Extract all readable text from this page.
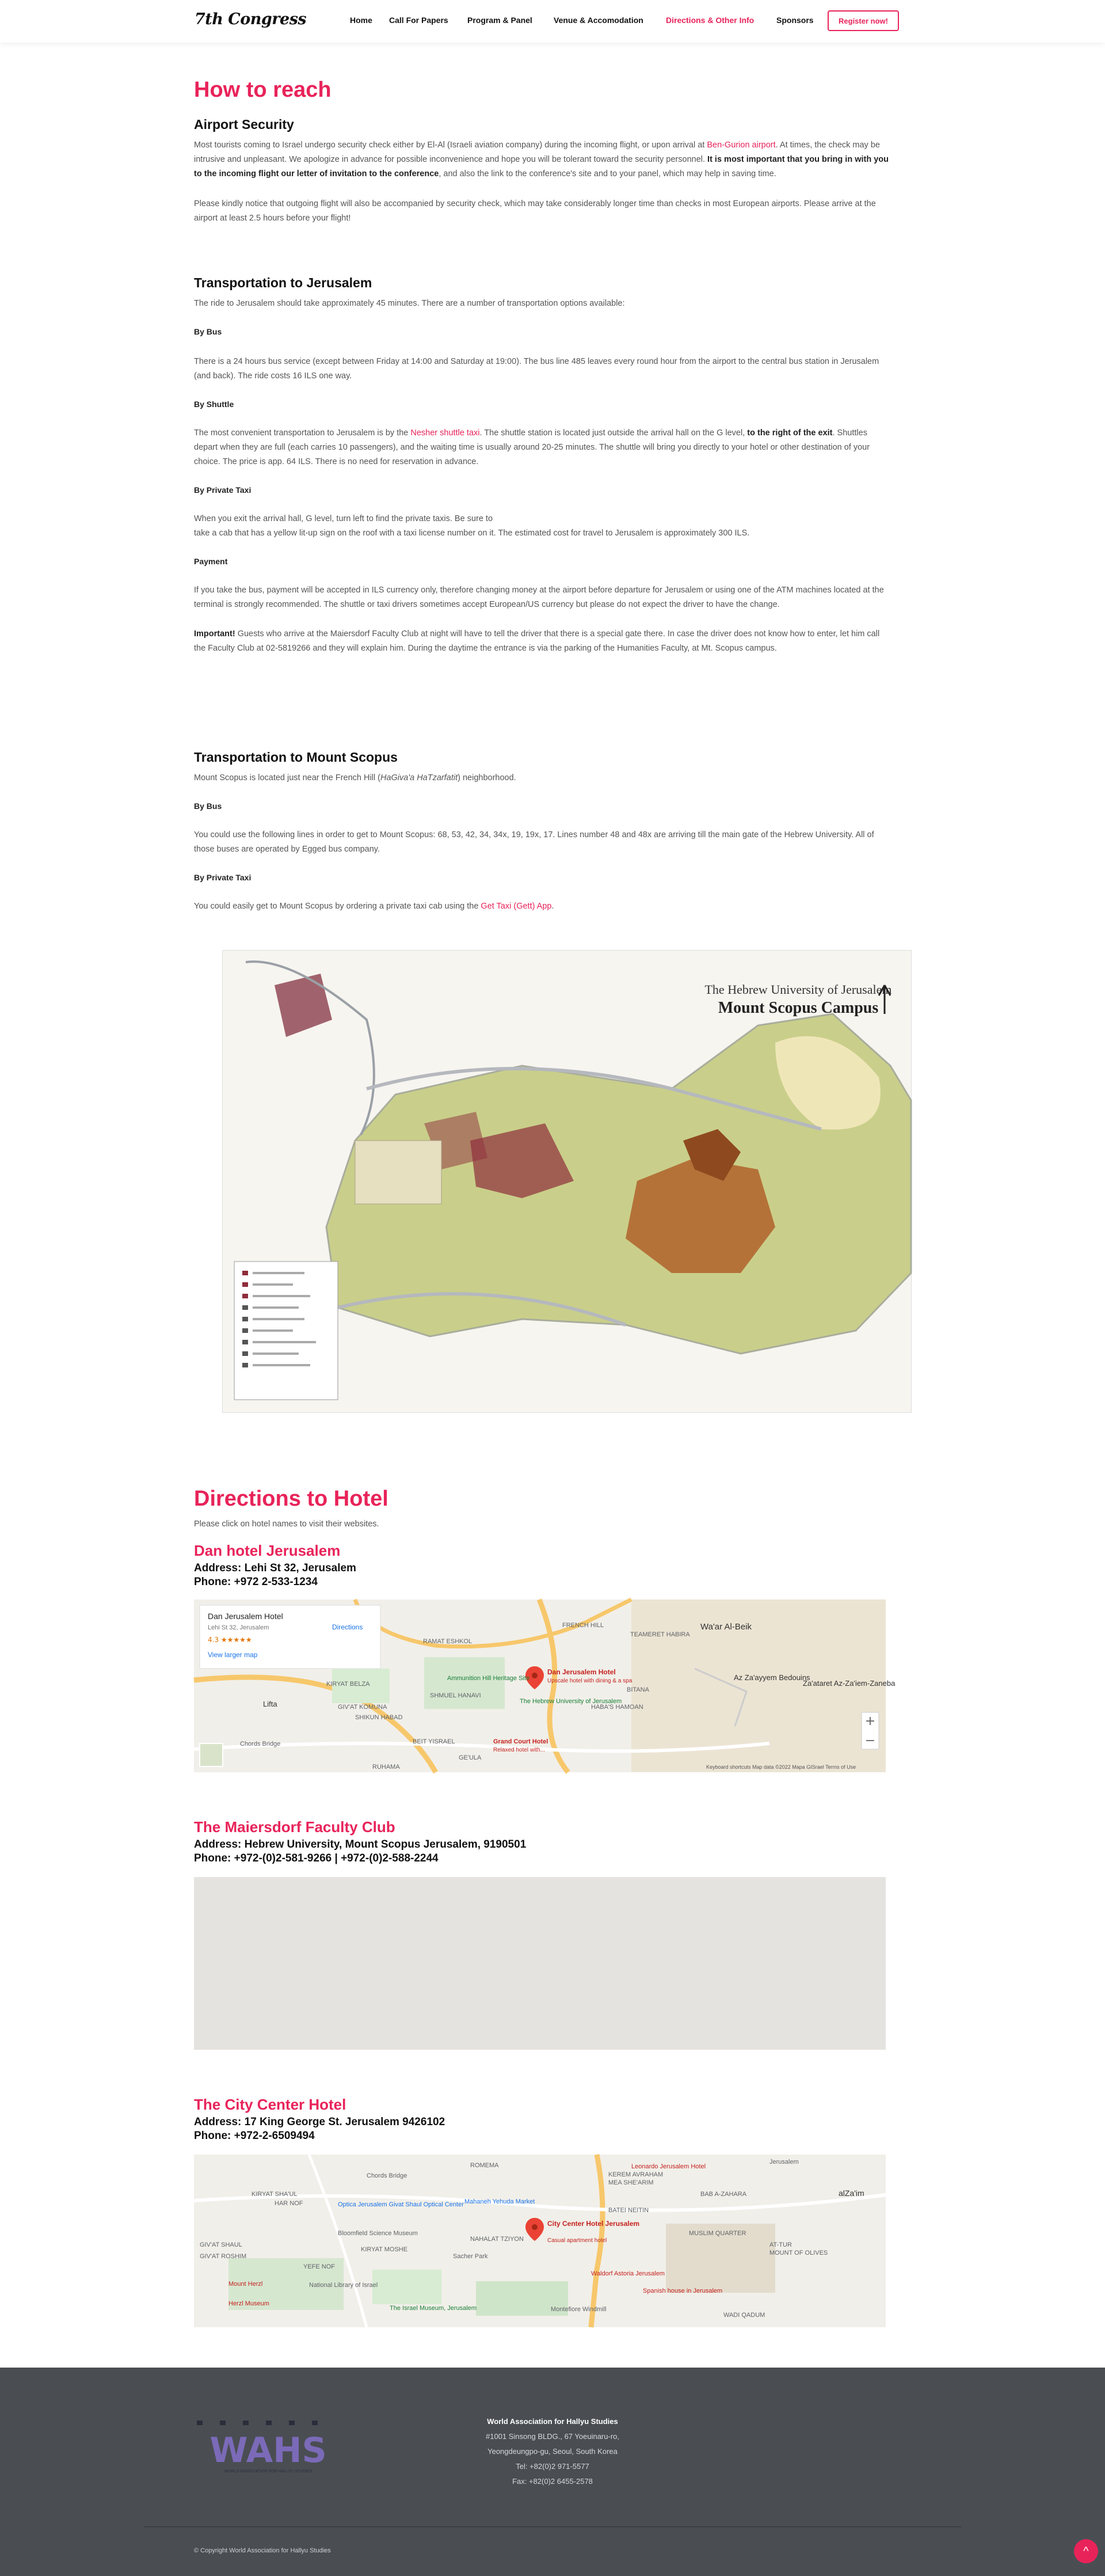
7th Congress	Home Call For Papers Program & Panel	Venue & Accomodation	Directions & Other Info	Sponsors	Register now!
How to reach
Airport Security

Most tourists coming to Israel undergo security check either by El-Al (Israeli aviation company) during the incoming flight, or upon arrival at Ben-Gurion airport. At times, the check may be intrusive and unpleasant. We apologize in advance for possible inconvenience and hope you will be tolerant toward the security personnel. It is most important that you bring in with you to the incoming flight our letter of invitation to the conference, and also the link to the conference's site and to your panel, which may help in saving time.

Please kindly notice that outgoing flight will also be accompanied by security check, which may take considerably longer time than checks in most European airports. Please arrive at the airport at least 2.5 hours before your flight!

Transportation to Jerusalem

The ride to Jerusalem should take approximately 45 minutes. There are a number of transportation options available:

By Bus

There is a 24 hours bus service (except between Friday at 14:00 and Saturday at 19:00). The bus line 485 leaves every round hour from the airport to the central bus station in Jerusalem (and back). The ride costs 16 ILS one way.

By Shuttle

The most convenient transportation to Jerusalem is by the Nesher shuttle taxi. The shuttle station is located just outside the arrival hall on the G level, to the right of the exit. Shuttles depart when they are full (each carries 10 passengers), and the waiting time is usually around 20-25 minutes. The shuttle will bring you directly to your hotel or other destination of your choice. The price is app. 64 ILS. There is no need for reservation in advance.

By Private Taxi

When you exit the arrival hall, G level, turn left to find the private taxis. Be sure to

take a cab that has a yellow lit-up sign on the roof with a taxi license number on it. The estimated cost for travel to Jerusalem is approximately 300 ILS.

Payment

If you take the bus, payment will be accepted in ILS currency only, therefore changing money at the airport before departure for Jerusalem or using one of the ATM machines located at the terminal is strongly recommended. The shuttle or taxi drivers sometimes accept European/US currency but please do not expect the driver to have the change.

Important! Guests who arrive at the Maiersdorf Faculty Club at night will have to tell the driver that there is a special gate there. In case the driver does not know how to enter, let him call the Faculty Club at 02-5819266 and they will explain him. During the daytime the entrance is via the parking of the Humanities Faculty, at Mt. Scopus campus.

Transportation to Mount Scopus

Mount Scopus is located just near the French Hill (HaGiva'a HaTzarfatit) neighborhood.

By Bus

You could use the following lines in order to get to Mount Scopus: 68, 53, 42, 34, 34x, 19, 19x, 17. Lines number 48 and 48x are arriving till the main gate of the Hebrew University. All of those buses are operated by Egged bus company.

By Private Taxi

You could easily get to Mount Scopus by ordering a private taxi cab using the Get Taxi (Gett) App.

The Hebrew University of Jerusalem
Mount Scopus Campus
Directions to Hotel

Please click on hotel names to visit their websites.

Dan hotel Jerusalem
Address: Lehi St 32, Jerusalem
Phone: +972 2-533-1234
Dan Jerusalem Hotel
Lehi St 32, Jerusalem
4.3 ★★★★★
View larger map
Directions
Dan Jerusalem Hotel
Upscale hotel with dining & a spa
FRENCH HILL
RAMAT ESHKOL
TEAMERET HABIRA
Wa'ar Al-Beik
KIRYAT BELZA
Ammunition Hill Heritage Site
The Hebrew University of Jerusalem
SHMUEL HANAVI
GIV'AT KOMUNA
SHIKUN HABAD
HABA'S HAMOAN
BITANA
Az Za'ayyem Bedouins
Za'ataret Az-Za'iem-Zaneba
Grand Court Hotel
Relaxed hotel with...
GE'ULA
BEIT YISRAEL
RUHAMA
Lifta
Chords Bridge
+
−
Keyboard shortcuts Map data ©2022 Mapa GISrael Terms of Use
The Maiersdorf Faculty Club
Address: Hebrew University, Mount Scopus Jerusalem, 9190501
Phone: +972-(0)2-581-9266 | +972-(0)2-588-2244
The City Center Hotel
Address: 17 King George St. Jerusalem 9426102
Phone: +972-2-6509494
City Center Hotel Jerusalem
Casual apartment hotel
ROMEMA
KEREM AVRAHAM
MEA SHE'ARIM
BAB A-ZAHARA
KIRYAT SHA'UL
HAR NOF
GIV'AT SHAUL
Optica Jerusalem Givat Shaul Optical Center Mahaneh Yehuda Market
NAHALAT TZIYON
BATEI NEITIN
MUSLIM QUARTER
AT-TUR
MOUNT OF OLIVES
GIV'AT ROSHIM
YEFE NOF
KIRYAT MOSHE
Bloomfield Science Museum
Mount Herzl
Herzl Museum
National Library of Israel
Sacher Park
The Israel Museum, Jerusalem	Montefiore Windmill
Waldorf Astoria Jerusalem
Spanish house in Jerusalem
WADI QADUM
Leonardo Jerusalem Hotel
Chords Bridge
alZa'im
Jerusalem
WAHS
WORLD ASSOCIATION FOR HALLYU STUDIES
World Association for Hallyu Studies
#1001 Sinsong BLDG., 67 Yoeuinaru-ro,
Yeongdeungpo-gu, Seoul, South Korea
Tel: +82(0)2 971-5577
Fax: +82(0)2 6455-2578
© Copyright World Association for Hallyu Studies	^
